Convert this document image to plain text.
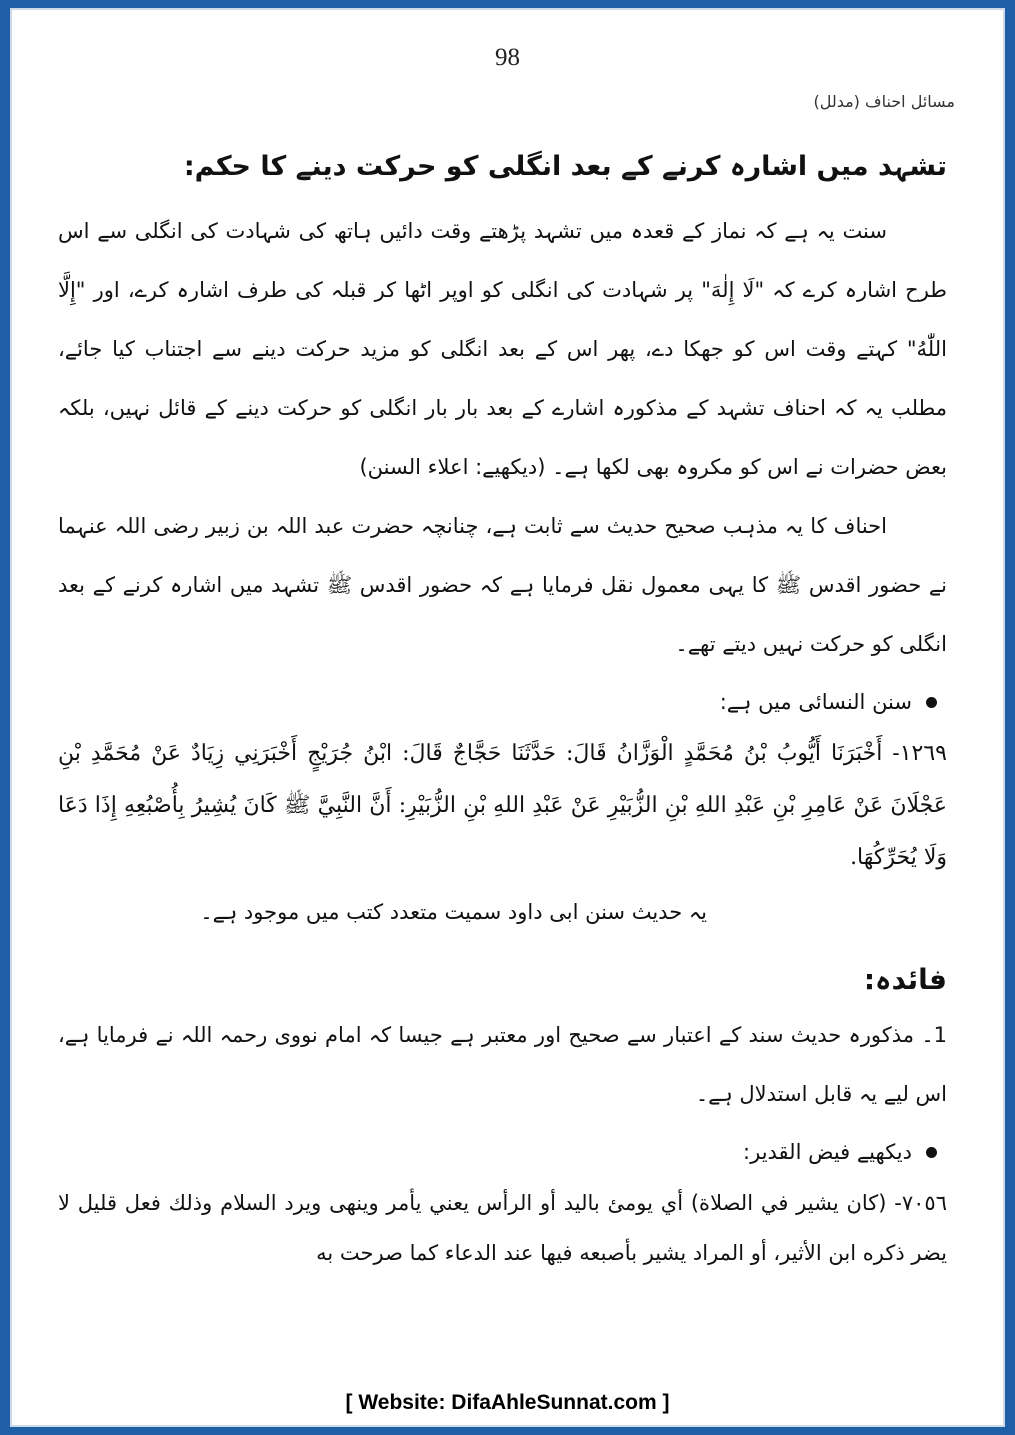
98
مسائل احناف (مدلل)
تشہد میں اشارہ کرنے کے بعد انگلی کو حرکت دینے کا حکم:

سنت یہ ہے کہ نماز کے قعدہ میں تشہد پڑھتے وقت دائیں ہاتھ کی شہادت کی انگلی سے اس طرح اشارہ کرے کہ "لَا إِلٰهَ" پر شہادت کی انگلی کو اوپر اٹھا کر قبلہ کی طرف اشارہ کرے، اور "إِلَّا اللّٰهُ" کہتے وقت اس کو جھکا دے، پھر اس کے بعد انگلی کو مزید حرکت دینے سے اجتناب کیا جائے، مطلب یہ کہ احناف تشہد کے مذکورہ اشارے کے بعد بار بار انگلی کو حرکت دینے کے قائل نہیں، بلکہ بعض حضرات نے اس کو مکروہ بھی لکھا ہے۔ (دیکھیے: اعلاء السنن)

احناف کا یہ مذہب صحیح حدیث سے ثابت ہے، چنانچہ حضرت عبد اللہ بن زبیر رضی اللہ عنہما نے حضور اقدس ﷺ کا یہی معمول نقل فرمایا ہے کہ حضور اقدس ﷺ تشہد میں اشارہ کرنے کے بعد انگلی کو حرکت نہیں دیتے تھے۔

سنن النسائی میں ہے:

١٢٦٩- أَخْبَرَنَا أَيُّوبُ بْنُ مُحَمَّدٍ الْوَزَّانُ قَالَ: حَدَّثَنَا حَجَّاجٌ قَالَ: ابْنُ جُرَيْجٍ أَخْبَرَنِي زِيَادٌ عَنْ مُحَمَّدِ بْنِ عَجْلَانَ عَنْ عَامِرِ بْنِ عَبْدِ اللهِ بْنِ الزُّبَيْرِ عَنْ عَبْدِ اللهِ بْنِ الزُّبَيْرِ: أَنَّ النَّبِيَّ ﷺ كَانَ يُشِيرُ بِأُصْبُعِهِ إِذَا دَعَا وَلَا يُحَرِّكُهَا.

یہ حدیث سنن ابی داود سمیت متعدد کتب میں موجود ہے۔

فائدہ:

1۔ مذکورہ حدیث سند کے اعتبار سے صحیح اور معتبر ہے جیسا کہ امام نووی رحمہ اللہ نے فرمایا ہے، اس لیے یہ قابل استدلال ہے۔

دیکھیے فیض القدیر:

٧٠٥٦- (كان يشير في الصلاة) أي يومئ باليد أو الرأس يعني يأمر وينهى ويرد السلام وذلك فعل قليل لا يضر ذكره ابن الأثير، أو المراد يشير بأصبعه فيها عند الدعاء كما صرحت به

[ Website: DifaAhleSunnat.com ]
